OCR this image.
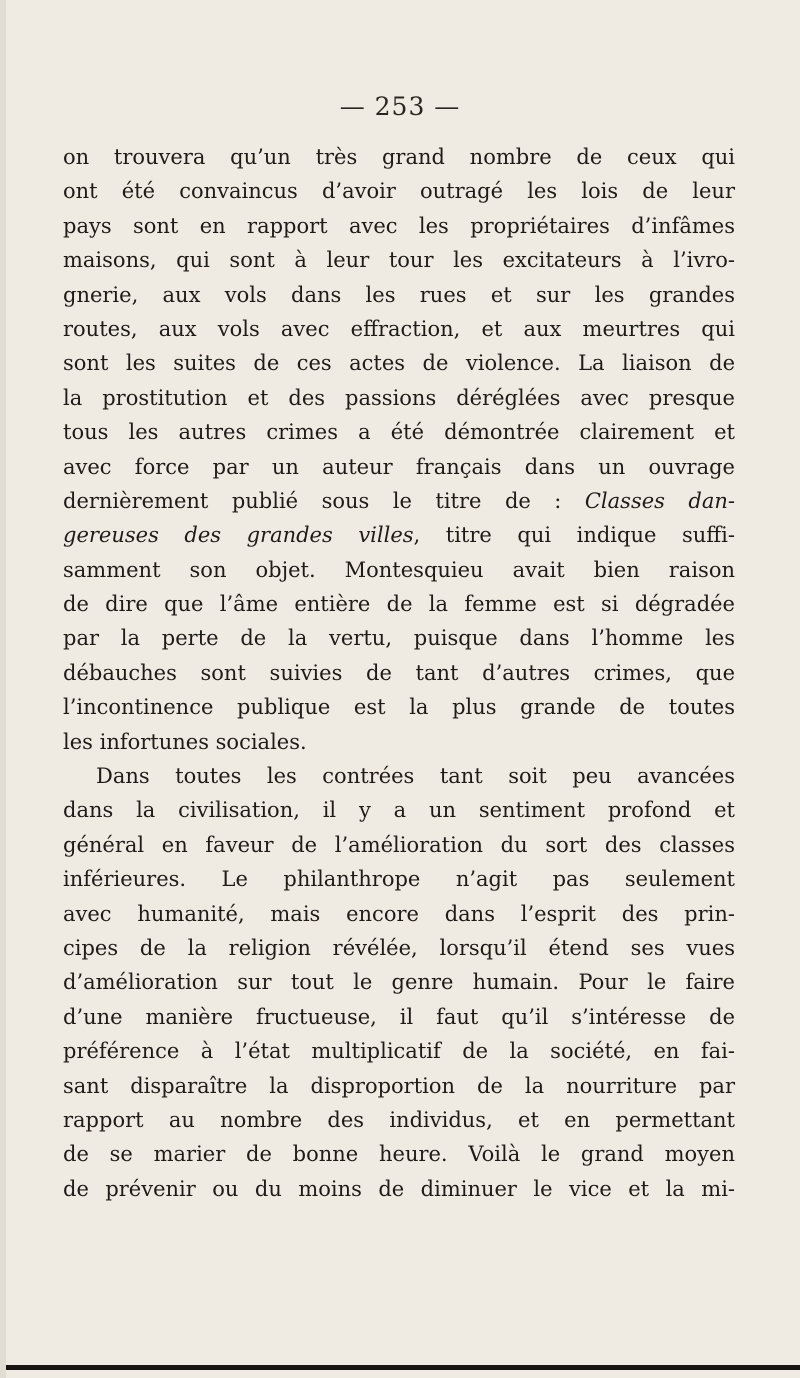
— 253 —
on trouvera qu’un très grand nombre de ceux qui
ont été convaincus d’avoir outragé les lois de leur
pays sont en rapport avec les propriétaires d’infâmes
maisons, qui sont à leur tour les excitateurs à l’ivro-
gnerie, aux vols dans les rues et sur les grandes
routes, aux vols avec effraction, et aux meurtres qui
sont les suites de ces actes de violence. La liaison de
la prostitution et des passions déréglées avec presque
tous les autres crimes a été démontrée clairement et
avec force par un auteur français dans un ouvrage
dernièrement publié sous le titre de : Classes dan-
gereuses des grandes villes, titre qui indique suffi-
samment son objet. Montesquieu avait bien raison
de dire que l’âme entière de la femme est si dégradée
par la perte de la vertu, puisque dans l’homme les
débauches sont suivies de tant d’autres crimes, que
l’incontinence publique est la plus grande de toutes
les infortunes sociales.
Dans toutes les contrées tant soit peu avancées
dans la civilisation, il y a un sentiment profond et
général en faveur de l’amélioration du sort des classes
inférieures. Le philanthrope n’agit pas seulement
avec humanité, mais encore dans l’esprit des prin-
cipes de la religion révélée, lorsqu’il étend ses vues
d’amélioration sur tout le genre humain. Pour le faire
d’une manière fructueuse, il faut qu’il s’intéresse de
préférence à l’état multiplicatif de la société, en fai-
sant disparaître la disproportion de la nourriture par
rapport au nombre des individus, et en permettant
de se marier de bonne heure. Voilà le grand moyen
de prévenir ou du moins de diminuer le vice et la mi-
